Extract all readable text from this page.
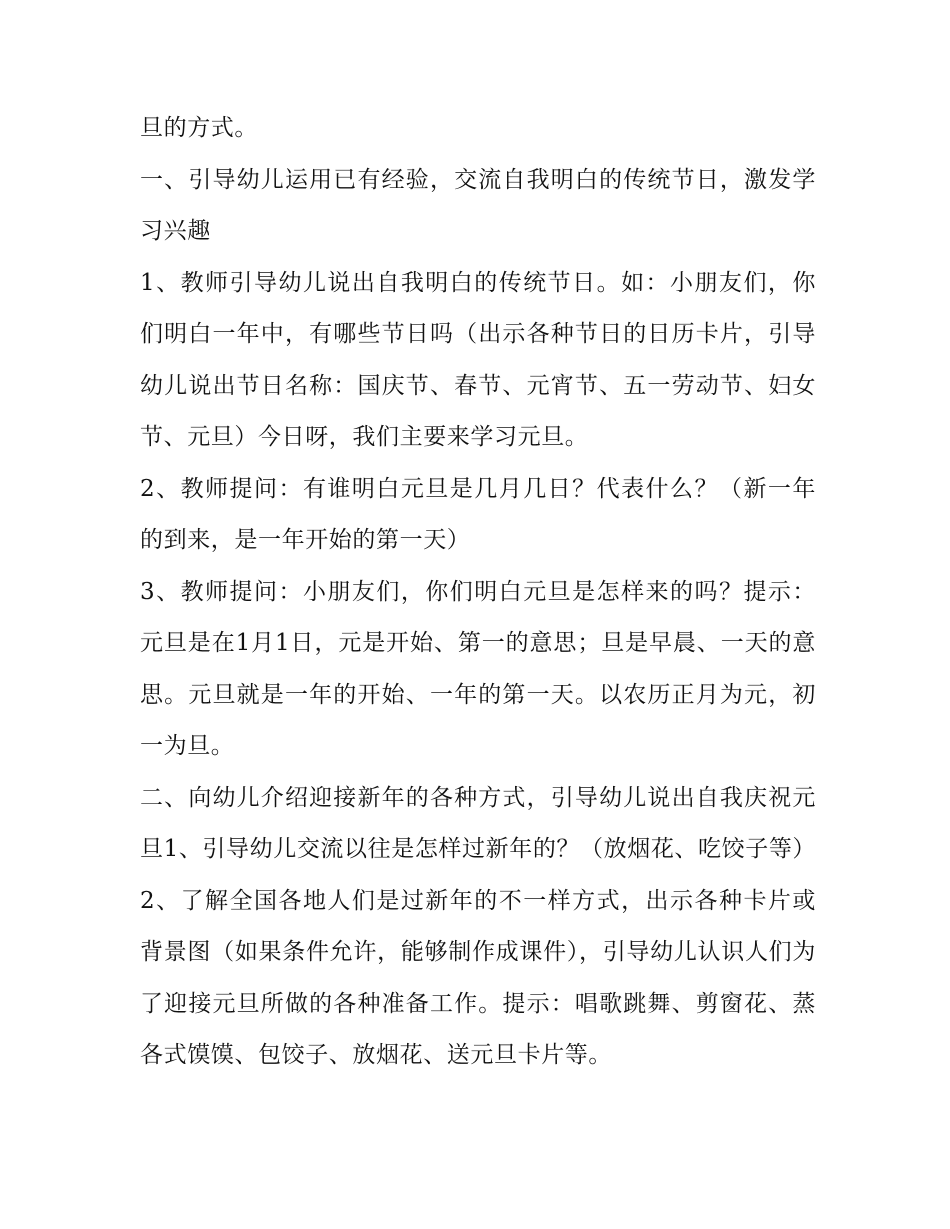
旦的方式。

一、引导幼儿运用已有经验，交流自我明白的传统节日，激发学习兴趣

1、教师引导幼儿说出自我明白的传统节日。如：小朋友们，你们明白一年中，有哪些节日吗（出示各种节日的日历卡片，引导幼儿说出节日名称：国庆节、春节、元宵节、五一劳动节、妇女节、元旦）今日呀，我们主要来学习元旦。

2、教师提问：有谁明白元旦是几月几日？代表什么？（新一年的到来，是一年开始的第一天）

3、教师提问：小朋友们，你们明白元旦是怎样来的吗？提示：元旦是在1月1日，元是开始、第一的意思；旦是早晨、一天的意思。元旦就是一年的开始、一年的第一天。以农历正月为元，初一为旦。

二、向幼儿介绍迎接新年的各种方式，引导幼儿说出自我庆祝元旦1、引导幼儿交流以往是怎样过新年的？（放烟花、吃饺子等）

2、了解全国各地人们是过新年的不一样方式，出示各种卡片或背景图（如果条件允许，能够制作成课件），引导幼儿认识人们为了迎接元旦所做的各种准备工作。提示：唱歌跳舞、剪窗花、蒸各式馍馍、包饺子、放烟花、送元旦卡片等。
